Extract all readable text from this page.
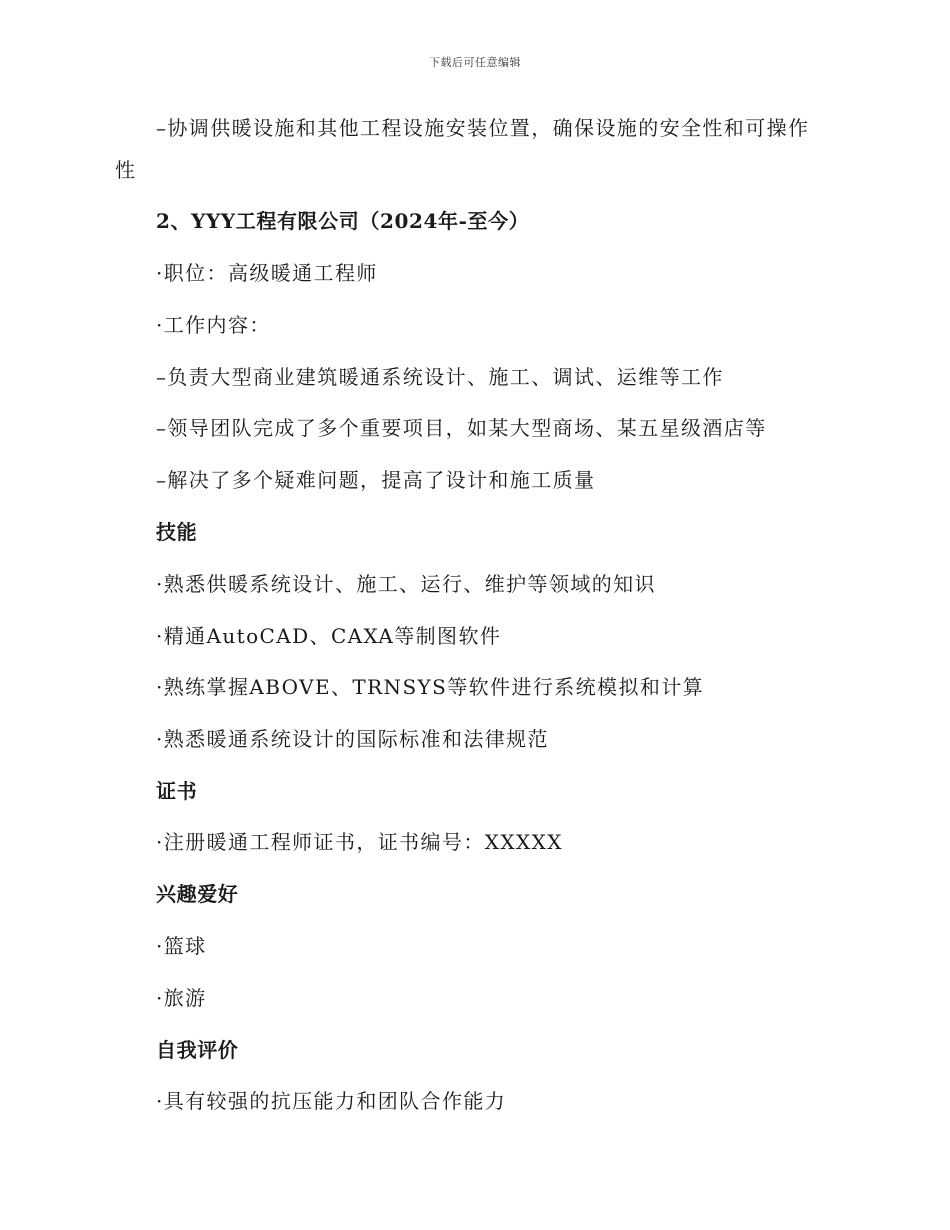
下载后可任意编辑
–协调供暖设施和其他工程设施安装位置，确保设施的安全性和可操作
性
2、YYY工程有限公司（2024年-至今）
·职位：高级暖通工程师
·工作内容：
–负责大型商业建筑暖通系统设计、施工、调试、运维等工作
–领导团队完成了多个重要项目，如某大型商场、某五星级酒店等
–解决了多个疑难问题，提高了设计和施工质量
技能
·熟悉供暖系统设计、施工、运行、维护等领域的知识
·精通AutoCAD、CAXA等制图软件
·熟练掌握ABOVE、TRNSYS等软件进行系统模拟和计算
·熟悉暖通系统设计的国际标准和法律规范
证书
·注册暖通工程师证书，证书编号：XXXXX
兴趣爱好
·篮球
·旅游
自我评价
·具有较强的抗压能力和团队合作能力
